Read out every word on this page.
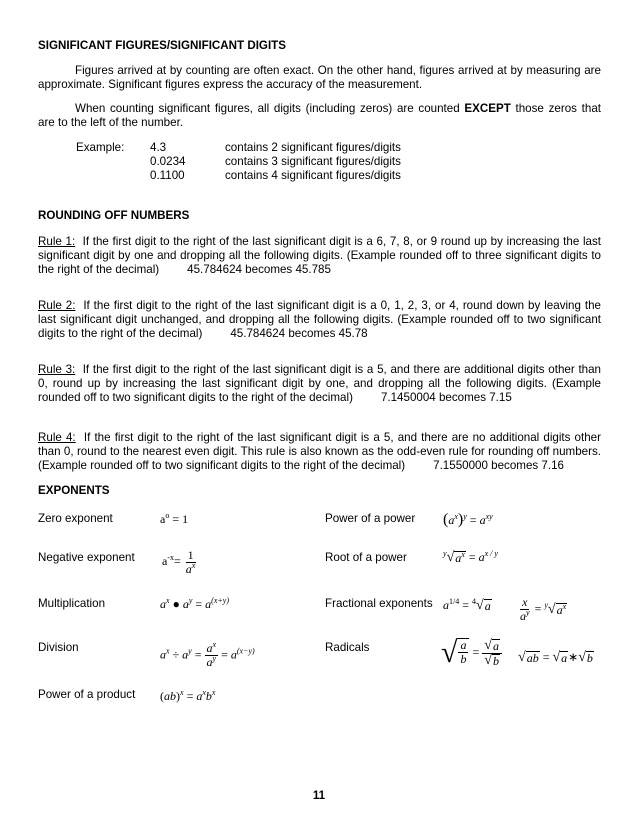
SIGNIFICANT FIGURES/SIGNIFICANT DIGITS
Figures arrived at by counting are often exact. On the other hand, figures arrived at by measuring are approximate. Significant figures express the accuracy of the measurement.
When counting significant figures, all digits (including zeros) are counted EXCEPT those zeros that are to the left of the number.
Example: 4.3	contains 2 significant figures/digits
0.0234	contains 3 significant figures/digits
0.1100	contains 4 significant figures/digits
ROUNDING OFF NUMBERS
Rule 1: If the first digit to the right of the last significant digit is a 6, 7, 8, or 9 round up by increasing the last significant digit by one and dropping all the following digits. (Example rounded off to three significant digits to the right of the decimal) 45.784624 becomes 45.785
Rule 2: If the first digit to the right of the last significant digit is a 0, 1, 2, 3, or 4, round down by leaving the last significant digit unchanged, and dropping all the following digits. (Example rounded off to two significant digits to the right of the decimal) 45.784624 becomes 45.78
Rule 3: If the first digit to the right of the last significant digit is a 5, and there are additional digits other than 0, round up by increasing the last significant digit by one, and dropping all the following digits. (Example rounded off to two significant digits to the right of the decimal) 7.1450004 becomes 7.15
Rule 4: If the first digit to the right of the last significant digit is a 5, and there are no additional digits other than 0, round to the nearest even digit. This rule is also known as the odd-even rule for rounding off numbers. (Example rounded off to two significant digits to the right of the decimal) 7.1550000 becomes 7.16
EXPONENTS
Zero exponent	$a^o = 1$	Power of a power $(a^x)^y = a^{xy}$
Negative exponent $a^{-x}= \frac{1}{a^x}$	Root of a power	$^y$ √ $a^x = a^{x / y}$
Multiplication	$a^x$ ● $a^y = a^{(x+y)}$	Fractional exponents $a^{1/4} = ^4$ √ a $\frac{x}{a^y} = ^y$ √ $a^x$
Division	$a^x \div a^y = \frac{a^x}{a^y} = a^{(x-y)}$	Radicals √ $\frac{a}{b} = \frac{√ a}{√ b}$ √ ab = √ a ∗ √ b
Power of a product $(ab)^x = a^xb^x$
11
